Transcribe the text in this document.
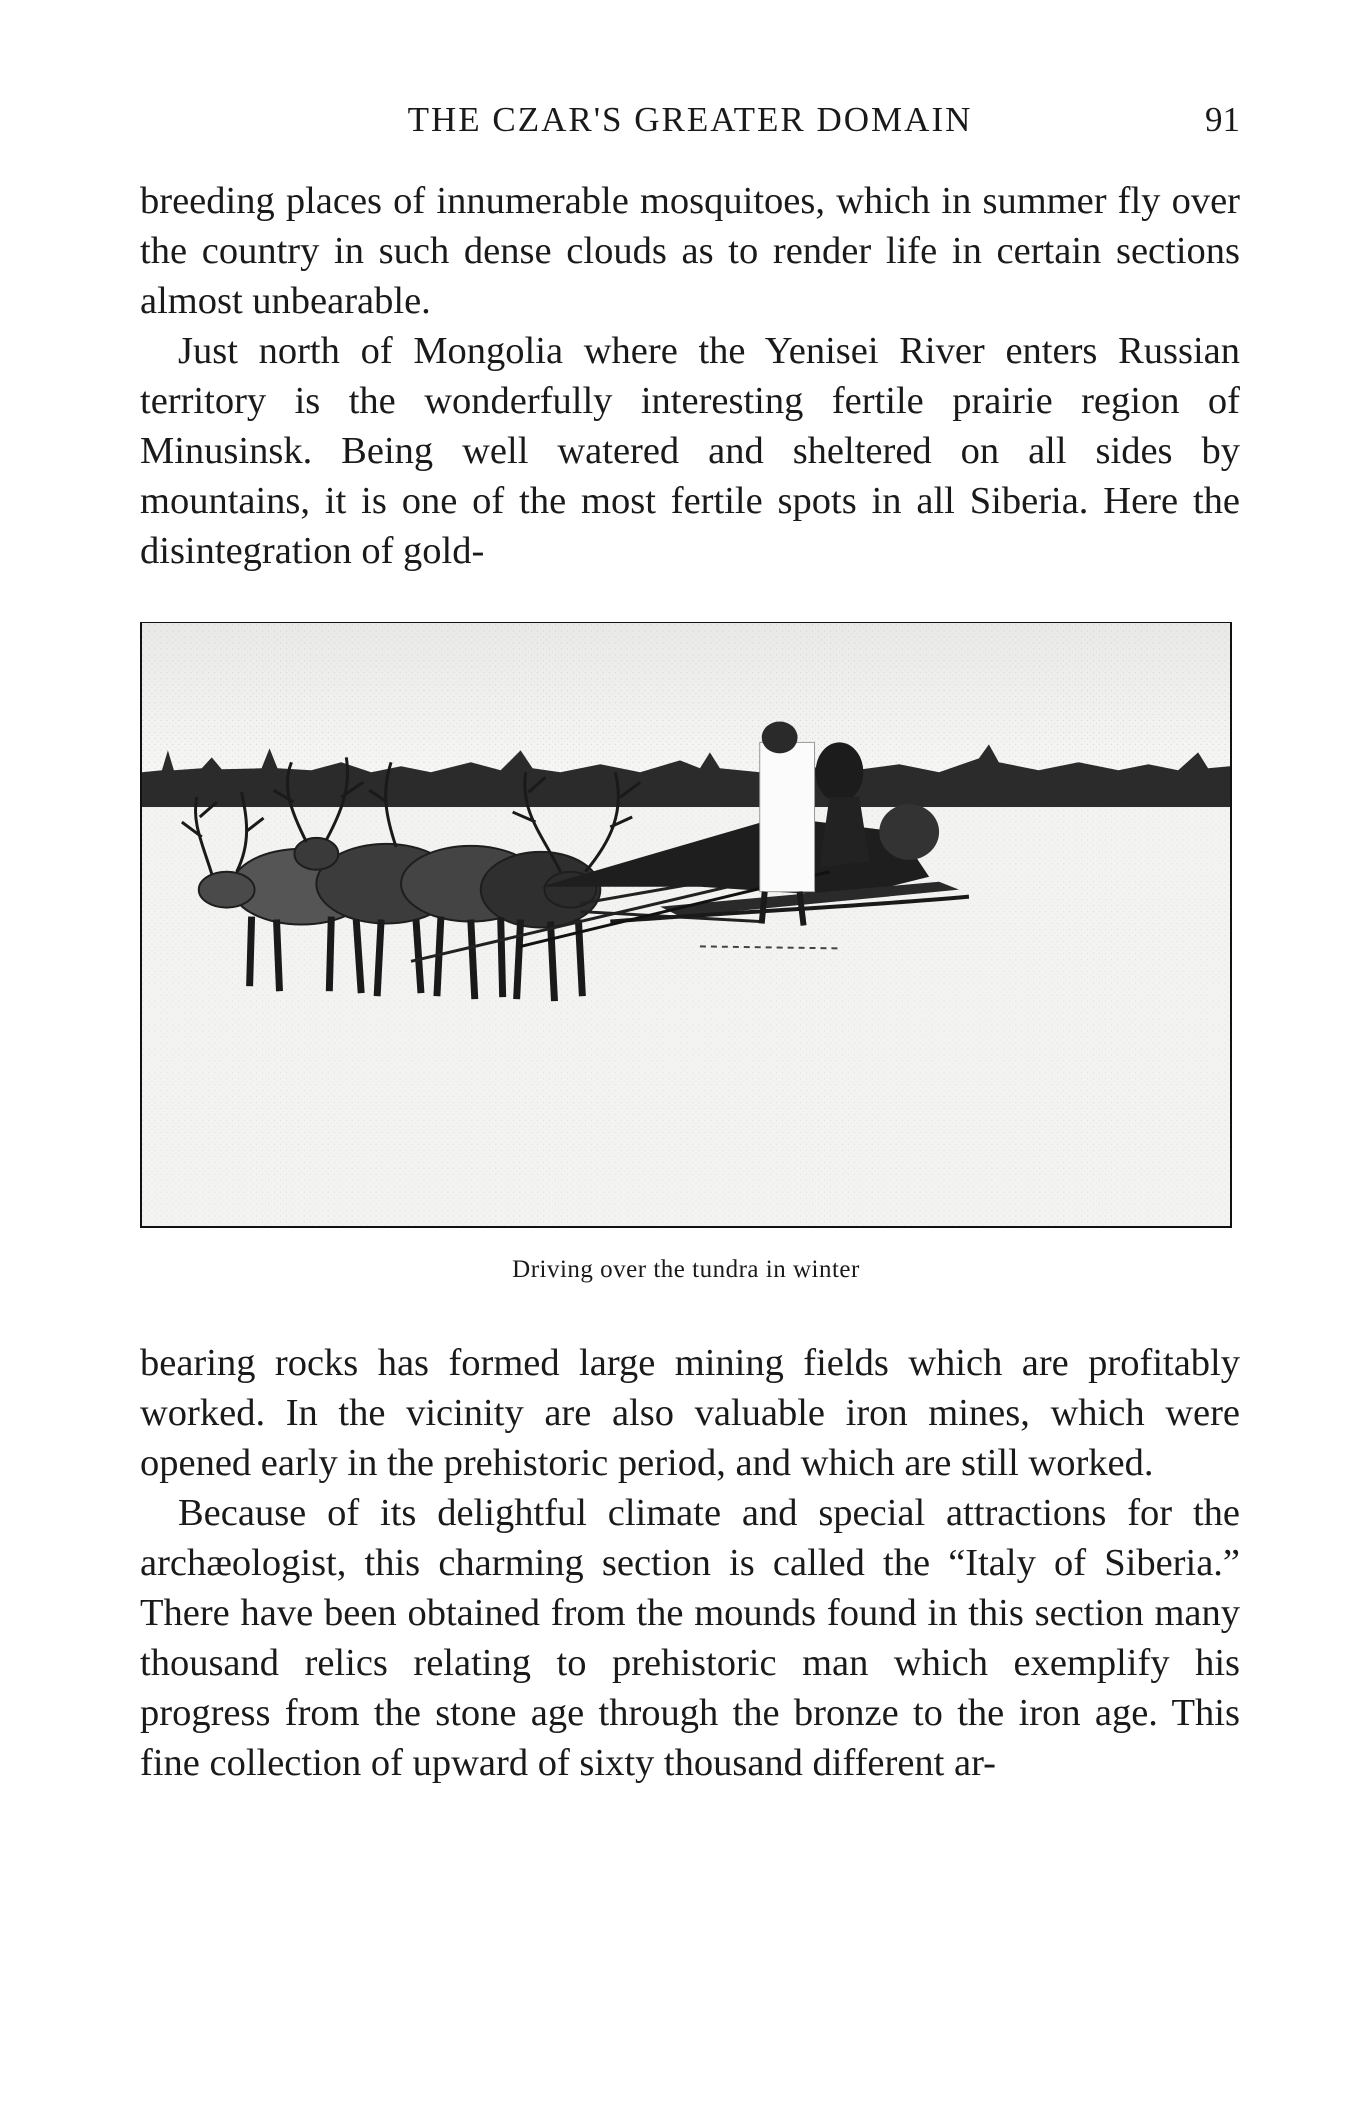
THE CZAR'S GREATER DOMAIN	91

breeding places of innumerable mosquitoes, which in summer fly over the country in such dense clouds as to render life in certain sections almost unbearable.

Just north of Mongolia where the Yenisei River enters Russian territory is the wonderfully interesting fertile prairie region of Minusinsk. Being well watered and sheltered on all sides by mountains, it is one of the most fertile spots in all Siberia. Here the disintegration of gold-

Driving over the tundra in winter

bearing rocks has formed large mining fields which are profitably worked. In the vicinity are also valuable iron mines, which were opened early in the prehistoric period, and which are still worked.

Because of its delightful climate and special attractions for the archæologist, this charming section is called the “Italy of Siberia.” There have been obtained from the mounds found in this section many thousand relics relating to prehistoric man which exemplify his progress from the stone age through the bronze to the iron age. This fine collection of upward of sixty thousand different ar-
